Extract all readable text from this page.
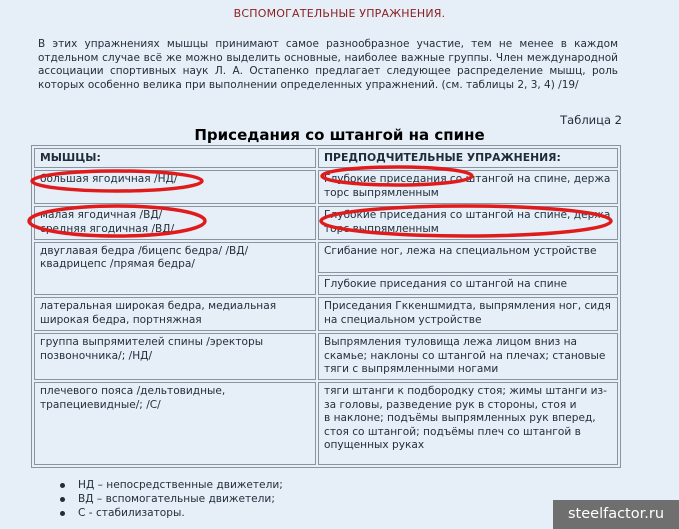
ВСПОМОГАТЕЛЬНЫЕ УПРАЖНЕНИЯ.
В этих упражнениях мышцы принимают самое разнообразное участие, тем не менее в каждом отдельном случае всё же можно выделить основные, наиболее важные группы. Член международной ассоциации спортивных наук Л. А. Остапенко предлагает следующее распределение мышц, роль которых особенно велика при выполнении определенных упражнений. (см. таблицы 2, 3, 4) /19/
Таблица 2
Приседания со штангой на спине
МЫШЦЫ:	ПРЕДПОДЧИТЕЛЬНЫЕ УПРАЖНЕНИЯ:
большая ягодичная /НД/	Глубокие приседания со штангой на спине, держа торс выпрямленным
малая ягодичная /ВД/
средняя ягодичная /ВД/	Глубокие приседания со штангой на спине, держа торс выпрямленным
двуглавая бедра /бицепс бедра/ /ВД/
квадрицепс /прямая бедра/	Сгибание ног, лежа на специальном устройстве
	Глубокие приседания со штангой на спине
латеральная широкая бедра, медиальная широкая бедра, портняжная	Приседания Гккеншмидта, выпрямления ног, сидя на специальном устройстве
группа выпрямителей спины /эректоры позвоночника/; /НД/	Выпрямления туловища лежа лицом вниз на скамье; наклоны со штангой на плечах; становые тяги с выпрямленными ногами
плечевого пояса /дельтовидные, трапециевидные/; /С/	тяги штанги к подбородку стоя; жимы штанги из-за головы, разведение рук в стороны, стоя и
в наклоне; подъёмы выпрямленных рук вперед, стоя со штангой; подъёмы плеч со штангой в опущенных руках
НД – непосредственные движетели;
ВД – вспомогательные движетели;
С - стабилизаторы.	steelfactor.ru
